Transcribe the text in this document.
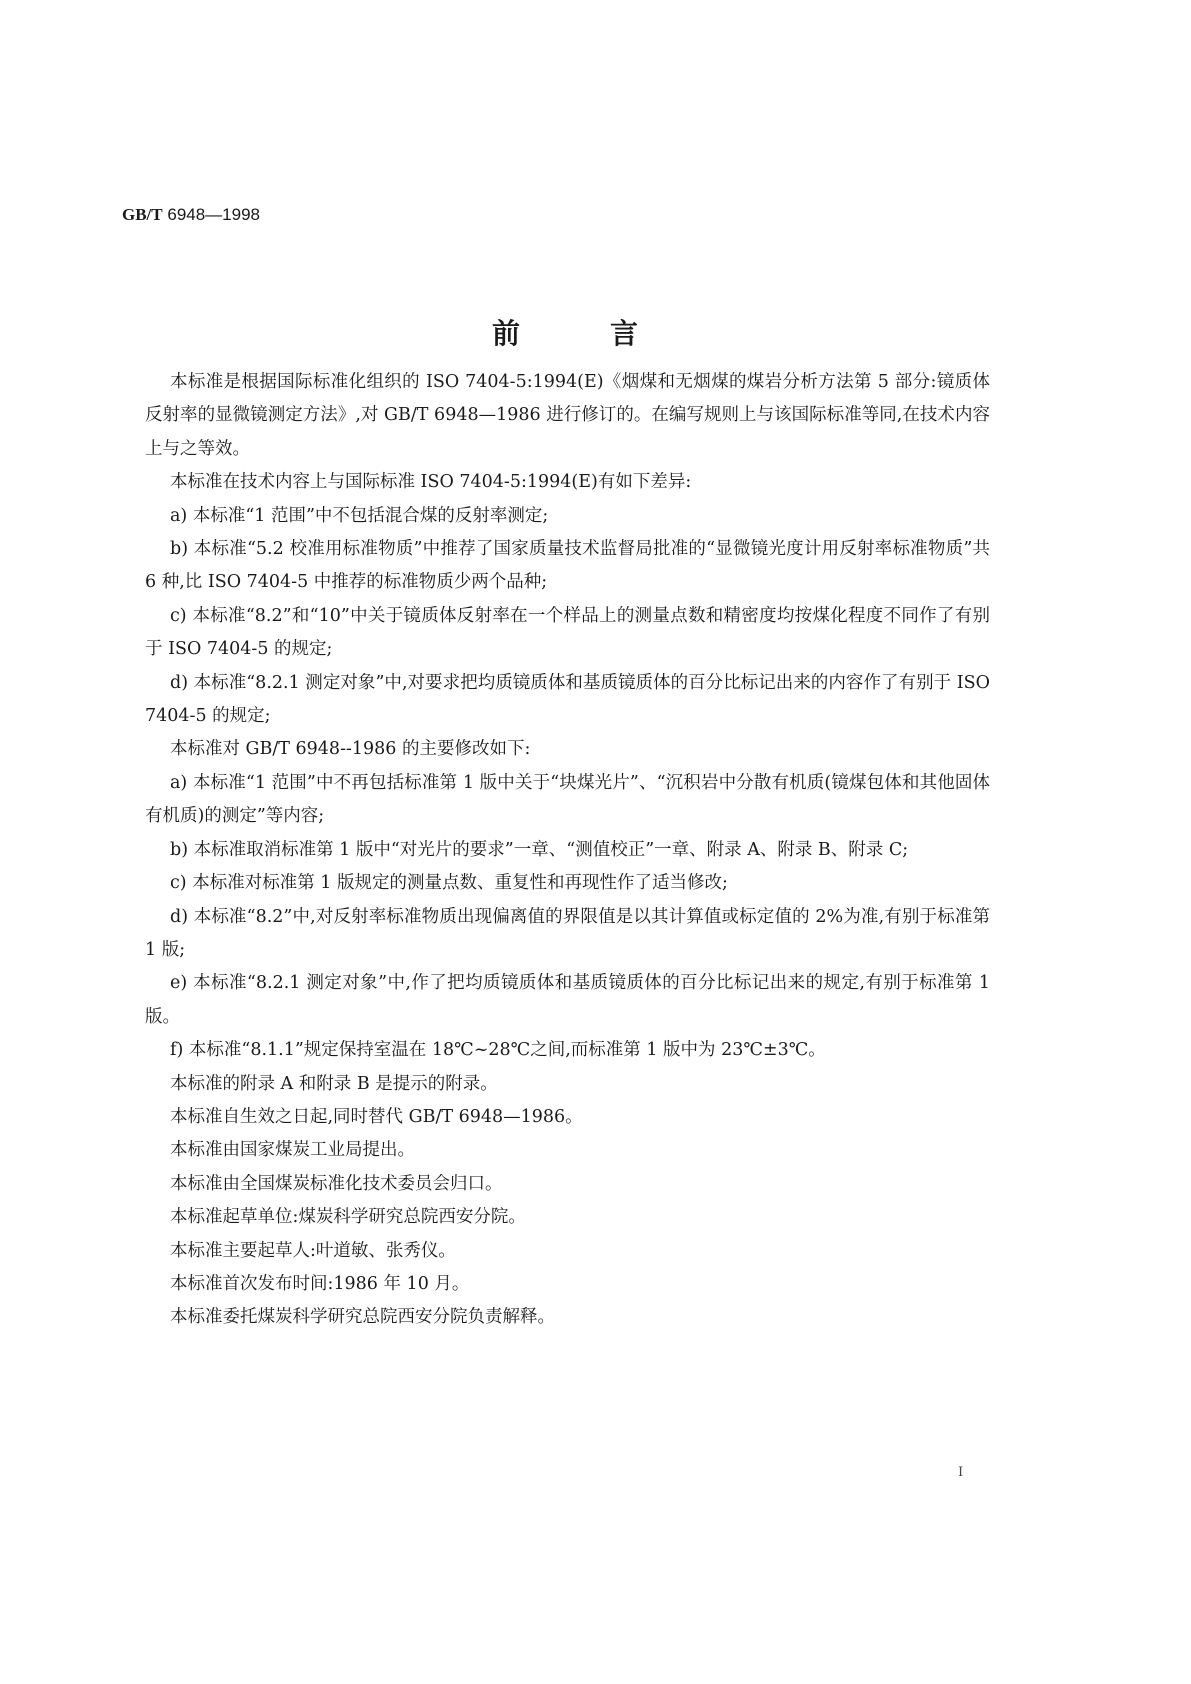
GB/T 6948—1998
前言

本标准是根据国际标准化组织的 ISO 7404-5:1994(E)《烟煤和无烟煤的煤岩分析方法第 5 部分:镜质体反射率的显微镜测定方法》,对 GB/T 6948—1986 进行修订的。在编写规则上与该国际标准等同,在技术内容上与之等效。

本标准在技术内容上与国际标准 ISO 7404-5:1994(E)有如下差异:

a) 本标准“1 范围”中不包括混合煤的反射率测定;

b) 本标准“5.2 校准用标准物质”中推荐了国家质量技术监督局批准的“显微镜光度计用反射率标准物质”共 6 种,比 ISO 7404-5 中推荐的标准物质少两个品种;

c) 本标准“8.2”和“10”中关于镜质体反射率在一个样品上的测量点数和精密度均按煤化程度不同作了有别于 ISO 7404-5 的规定;

d) 本标准“8.2.1 测定对象”中,对要求把均质镜质体和基质镜质体的百分比标记出来的内容作了有别于 ISO 7404-5 的规定;

本标准对 GB/T 6948--1986 的主要修改如下:

a) 本标准“1 范围”中不再包括标准第 1 版中关于“块煤光片”、“沉积岩中分散有机质(镜煤包体和其他固体有机质)的测定”等内容;

b) 本标准取消标准第 1 版中“对光片的要求”一章、“测值校正”一章、附录 A、附录 B、附录 C;

c) 本标准对标准第 1 版规定的测量点数、重复性和再现性作了适当修改;

d) 本标准“8.2”中,对反射率标准物质出现偏离值的界限值是以其计算值或标定值的 2%为准,有别于标准第 1 版;

e) 本标准“8.2.1 测定对象”中,作了把均质镜质体和基质镜质体的百分比标记出来的规定,有别于标准第 1 版。

f) 本标准“8.1.1”规定保持室温在 18℃~28℃之间,而标准第 1 版中为 23℃±3℃。

本标准的附录 A 和附录 B 是提示的附录。

本标准自生效之日起,同时替代 GB/T 6948—1986。

本标准由国家煤炭工业局提出。

本标准由全国煤炭标准化技术委员会归口。

本标准起草单位:煤炭科学研究总院西安分院。

本标准主要起草人:叶道敏、张秀仪。

本标准首次发布时间:1986 年 10 月。

本标准委托煤炭科学研究总院西安分院负责解释。

I
